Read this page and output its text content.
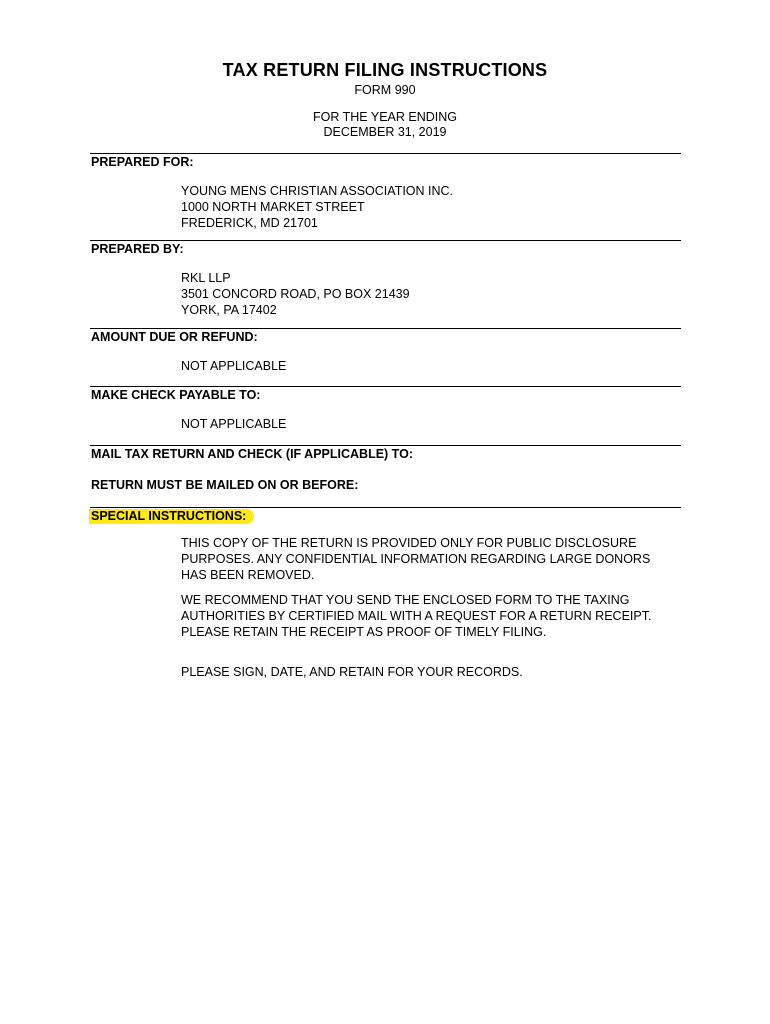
TAX RETURN FILING INSTRUCTIONS
FORM 990
FOR THE YEAR ENDING
DECEMBER 31, 2019
PREPARED FOR:
YOUNG MENS CHRISTIAN ASSOCIATION INC.
1000 NORTH MARKET STREET
FREDERICK, MD 21701
PREPARED BY:
RKL LLP
3501 CONCORD ROAD, PO BOX 21439
YORK, PA 17402
AMOUNT DUE OR REFUND:
NOT APPLICABLE
MAKE CHECK PAYABLE TO:
NOT APPLICABLE
MAIL TAX RETURN AND CHECK (IF APPLICABLE) TO:
RETURN MUST BE MAILED ON OR BEFORE:
SPECIAL INSTRUCTIONS:
THIS COPY OF THE RETURN IS PROVIDED ONLY FOR PUBLIC DISCLOSURE
PURPOSES. ANY CONFIDENTIAL INFORMATION REGARDING LARGE DONORS
HAS BEEN REMOVED.
WE RECOMMEND THAT YOU SEND THE ENCLOSED FORM TO THE TAXING
AUTHORITIES BY CERTIFIED MAIL WITH A REQUEST FOR A RETURN RECEIPT.
PLEASE RETAIN THE RECEIPT AS PROOF OF TIMELY FILING.
PLEASE SIGN, DATE, AND RETAIN FOR YOUR RECORDS.
